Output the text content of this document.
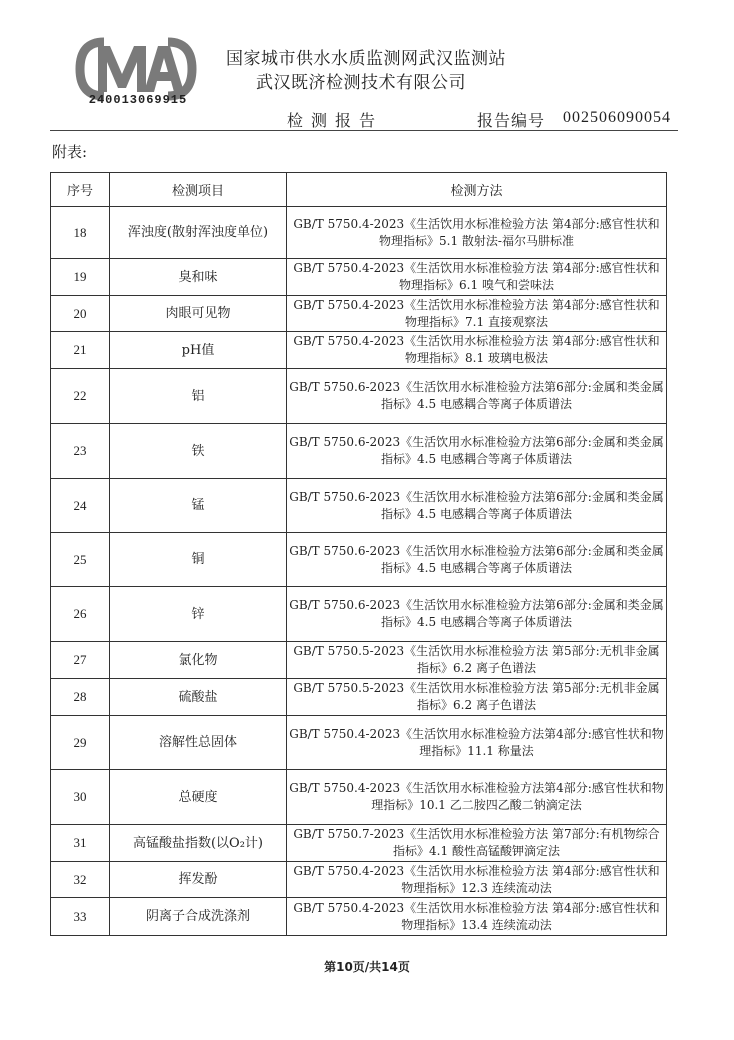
240013069915
国家城市供水水质监测网武汉监测站
武汉既济检测技术有限公司
检测报告	报告编号 002506090054
附表:
序号	检测项目	检测方法
18	浑浊度(散射浑浊度单位)	GB/T 5750.4-2023《生活饮用水标准检验方法 第4部分:感官性状和物理指标》5.1 散射法-福尔马肼标准
19	臭和味	GB/T 5750.4-2023《生活饮用水标准检验方法 第4部分:感官性状和物理指标》6.1 嗅气和尝味法
20	肉眼可见物	GB/T 5750.4-2023《生活饮用水标准检验方法 第4部分:感官性状和物理指标》7.1 直接观察法
21	pH值	GB/T 5750.4-2023《生活饮用水标准检验方法 第4部分:感官性状和物理指标》8.1 玻璃电极法
22	铝	GB/T 5750.6-2023《生活饮用水标准检验方法第6部分:金属和类金属指标》4.5 电感耦合等离子体质谱法
23	铁	GB/T 5750.6-2023《生活饮用水标准检验方法第6部分:金属和类金属指标》4.5 电感耦合等离子体质谱法
24	锰	GB/T 5750.6-2023《生活饮用水标准检验方法第6部分:金属和类金属指标》4.5 电感耦合等离子体质谱法
25	铜	GB/T 5750.6-2023《生活饮用水标准检验方法第6部分:金属和类金属指标》4.5 电感耦合等离子体质谱法
26	锌	GB/T 5750.6-2023《生活饮用水标准检验方法第6部分:金属和类金属指标》4.5 电感耦合等离子体质谱法
27	氯化物	GB/T 5750.5-2023《生活饮用水标准检验方法 第5部分:无机非金属指标》6.2 离子色谱法
28	硫酸盐	GB/T 5750.5-2023《生活饮用水标准检验方法 第5部分:无机非金属指标》6.2 离子色谱法
29	溶解性总固体	GB/T 5750.4-2023《生活饮用水标准检验方法第4部分:感官性状和物理指标》11.1 称量法
30	总硬度	GB/T 5750.4-2023《生活饮用水标准检验方法第4部分:感官性状和物理指标》10.1 乙二胺四乙酸二钠滴定法
31	高锰酸盐指数(以O₂计)	GB/T 5750.7-2023《生活饮用水标准检验方法 第7部分:有机物综合指标》4.1 酸性高锰酸钾滴定法
32	挥发酚	GB/T 5750.4-2023《生活饮用水标准检验方法 第4部分:感官性状和物理指标》12.3 连续流动法
33	阴离子合成洗涤剂	GB/T 5750.4-2023《生活饮用水标准检验方法 第4部分:感官性状和物理指标》13.4 连续流动法
第10页/共14页
